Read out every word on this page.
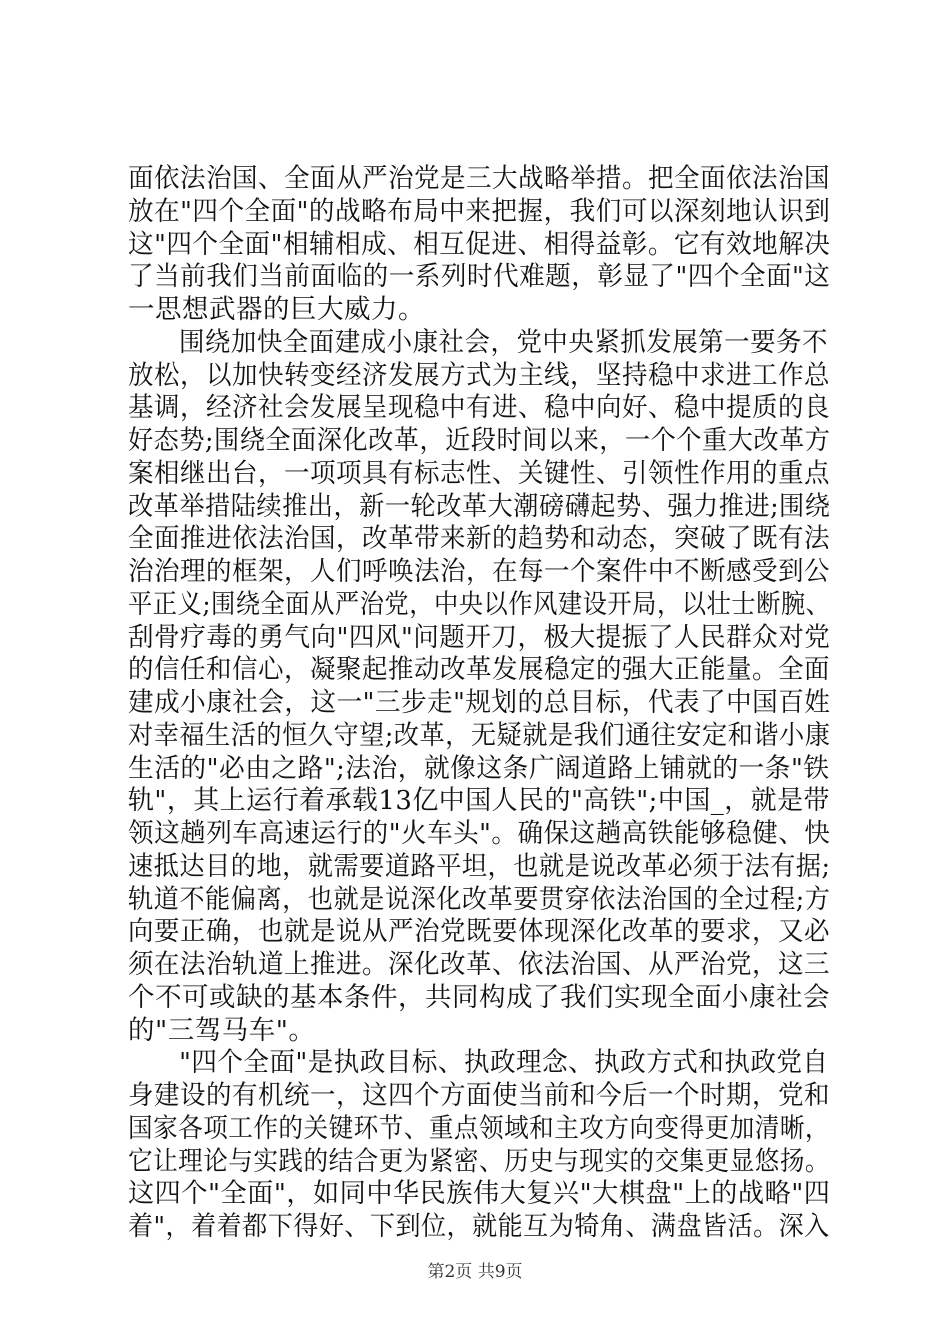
面依法治国、全面从严治党是三大战略举措。把全面依法治国
放在"四个全面"的战略布局中来把握，我们可以深刻地认识到
这"四个全面"相辅相成、相互促进、相得益彰。它有效地解决
了当前我们当前面临的一系列时代难题，彰显了"四个全面"这
一思想武器的巨大威力。
围绕加快全面建成小康社会，党中央紧抓发展第一要务不
放松，以加快转变经济发展方式为主线，坚持稳中求进工作总
基调，经济社会发展呈现稳中有进、稳中向好、稳中提质的良
好态势;围绕全面深化改革，近段时间以来，一个个重大改革方
案相继出台，一项项具有标志性、关键性、引领性作用的重点
改革举措陆续推出，新一轮改革大潮磅礴起势、强力推进;围绕
全面推进依法治国，改革带来新的趋势和动态，突破了既有法
治治理的框架，人们呼唤法治，在每一个案件中不断感受到公
平正义;围绕全面从严治党，中央以作风建设开局，以壮士断腕、
刮骨疗毒的勇气向"四风"问题开刀，极大提振了人民群众对党
的信任和信心，凝聚起推动改革发展稳定的强大正能量。全面
建成小康社会，这一"三步走"规划的总目标，代表了中国百姓
对幸福生活的恒久守望;改革，无疑就是我们通往安定和谐小康
生活的"必由之路";法治，就像这条广阔道路上铺就的一条"铁
轨"，其上运行着承载13亿中国人民的"高铁";中国_，就是带
领这趟列车高速运行的"火车头"。确保这趟高铁能够稳健、快
速抵达目的地，就需要道路平坦，也就是说改革必须于法有据;
轨道不能偏离，也就是说深化改革要贯穿依法治国的全过程;方
向要正确，也就是说从严治党既要体现深化改革的要求，又必
须在法治轨道上推进。深化改革、依法治国、从严治党，这三
个不可或缺的基本条件，共同构成了我们实现全面小康社会
的"三驾马车"。
"四个全面"是执政目标、执政理念、执政方式和执政党自
身建设的有机统一，这四个方面使当前和今后一个时期，党和
国家各项工作的关键环节、重点领域和主攻方向变得更加清晰，
它让理论与实践的结合更为紧密、历史与现实的交集更显悠扬。
这四个"全面"，如同中华民族伟大复兴"大棋盘"上的战略"四
着"，着着都下得好、下到位，就能互为犄角、满盘皆活。深入
第2页 共9页
